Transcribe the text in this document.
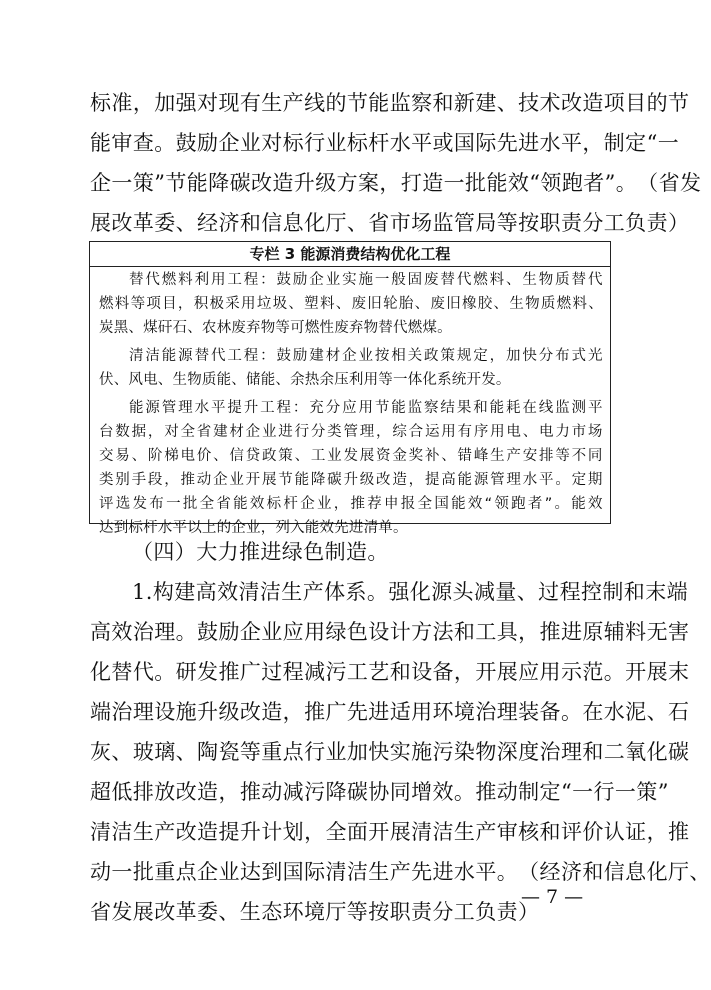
标 准 ， 加 强 对 现 有 生 产 线 的 节 能 监 察 和 新 建 、 技 术 改 造 项 目 的 节
能 审 查 。 鼓 励 企 业 对 标 行 业 标 杆 水 平 或 国 际 先 进 水 平 ， 制 定 “ 一
企 一 策 ” 节 能 降 碳 改 造 升 级 方 案 ， 打 造 一 批 能 效 “ 领 跑 者 ” 。 （ 省 发
展 改 革 委 、 经 济 和 信 息 化 厅 、 省 市 场 监 管 局 等 按 职 责 分 工 负 责 ）
专栏 3 能源消费结构优化工程
替 代 燃 料 利 用 工 程 ： 鼓 励 企 业 实 施 一 般 固 废 替 代 燃 料 、 生 物 质 替 代
燃 料 等 项 目 ， 积 极 采 用 垃 圾 、 塑 料 、 废 旧 轮 胎 、 废 旧 橡 胶 、 生 物 质 燃 料 、
炭黑、煤矸石、农林废弃物等可燃性废弃物替代燃煤。
清 洁 能 源 替 代 工 程 ： 鼓 励 建 材 企 业 按 相 关 政 策 规 定 ， 加 快 分 布 式 光
伏、风电、生物质能、储能、余热余压利用等一体化系统开发。
能 源 管 理 水 平 提 升 工 程 ： 充 分 应 用 节 能 监 察 结 果 和 能 耗 在 线 监 测 平
台 数 据 ， 对 全 省 建 材 企 业 进 行 分 类 管 理 ， 综 合 运 用 有 序 用 电 、 电 力 市 场
交 易 、 阶 梯 电 价 、 信 贷 政 策 、 工 业 发 展 资 金 奖 补 、 错 峰 生 产 安 排 等 不 同
类 别 手 段 ， 推 动 企 业 开 展 节 能 降 碳 升 级 改 造 ， 提 高 能 源 管 理 水 平 。 定 期
评 选 发 布 一 批 全 省 能 效 标 杆 企 业 ， 推 荐 申 报 全 国 能 效 “ 领 跑 者 ” 。 能 效
达到标杆水平以上的企业，列入能效先进清单。
（四）大力推进绿色制造。
1 . 构 建 高 效 清 洁 生 产 体 系 。 强 化 源 头 减 量 、 过 程 控 制 和 末 端
高 效 治 理 。 鼓 励 企 业 应 用 绿 色 设 计 方 法 和 工 具 ， 推 进 原 辅 料 无 害
化 替 代 。 研 发 推 广 过 程 减 污 工 艺 和 设 备 ， 开 展 应 用 示 范 。 开 展 末
端 治 理 设 施 升 级 改 造 ， 推 广 先 进 适 用 环 境 治 理 装 备 。 在 水 泥 、 石
灰 、 玻 璃 、 陶 瓷 等 重 点 行 业 加 快 实 施 污 染 物 深 度 治 理 和 二 氧 化 碳
超 低 排 放 改 造 ， 推 动 减 污 降 碳 协 同 增 效 。 推 动 制 定 “ 一 行 一 策 ”
清 洁 生 产 改 造 提 升 计 划 ， 全 面 开 展 清 洁 生 产 审 核 和 评 价 认 证 ， 推
动 一 批 重 点 企 业 达 到 国 际 清 洁 生 产 先 进 水 平 。 （ 经 济 和 信 息 化 厅 、
省发展改革委、生态环境厅等按职责分工负责）
— 7 —
